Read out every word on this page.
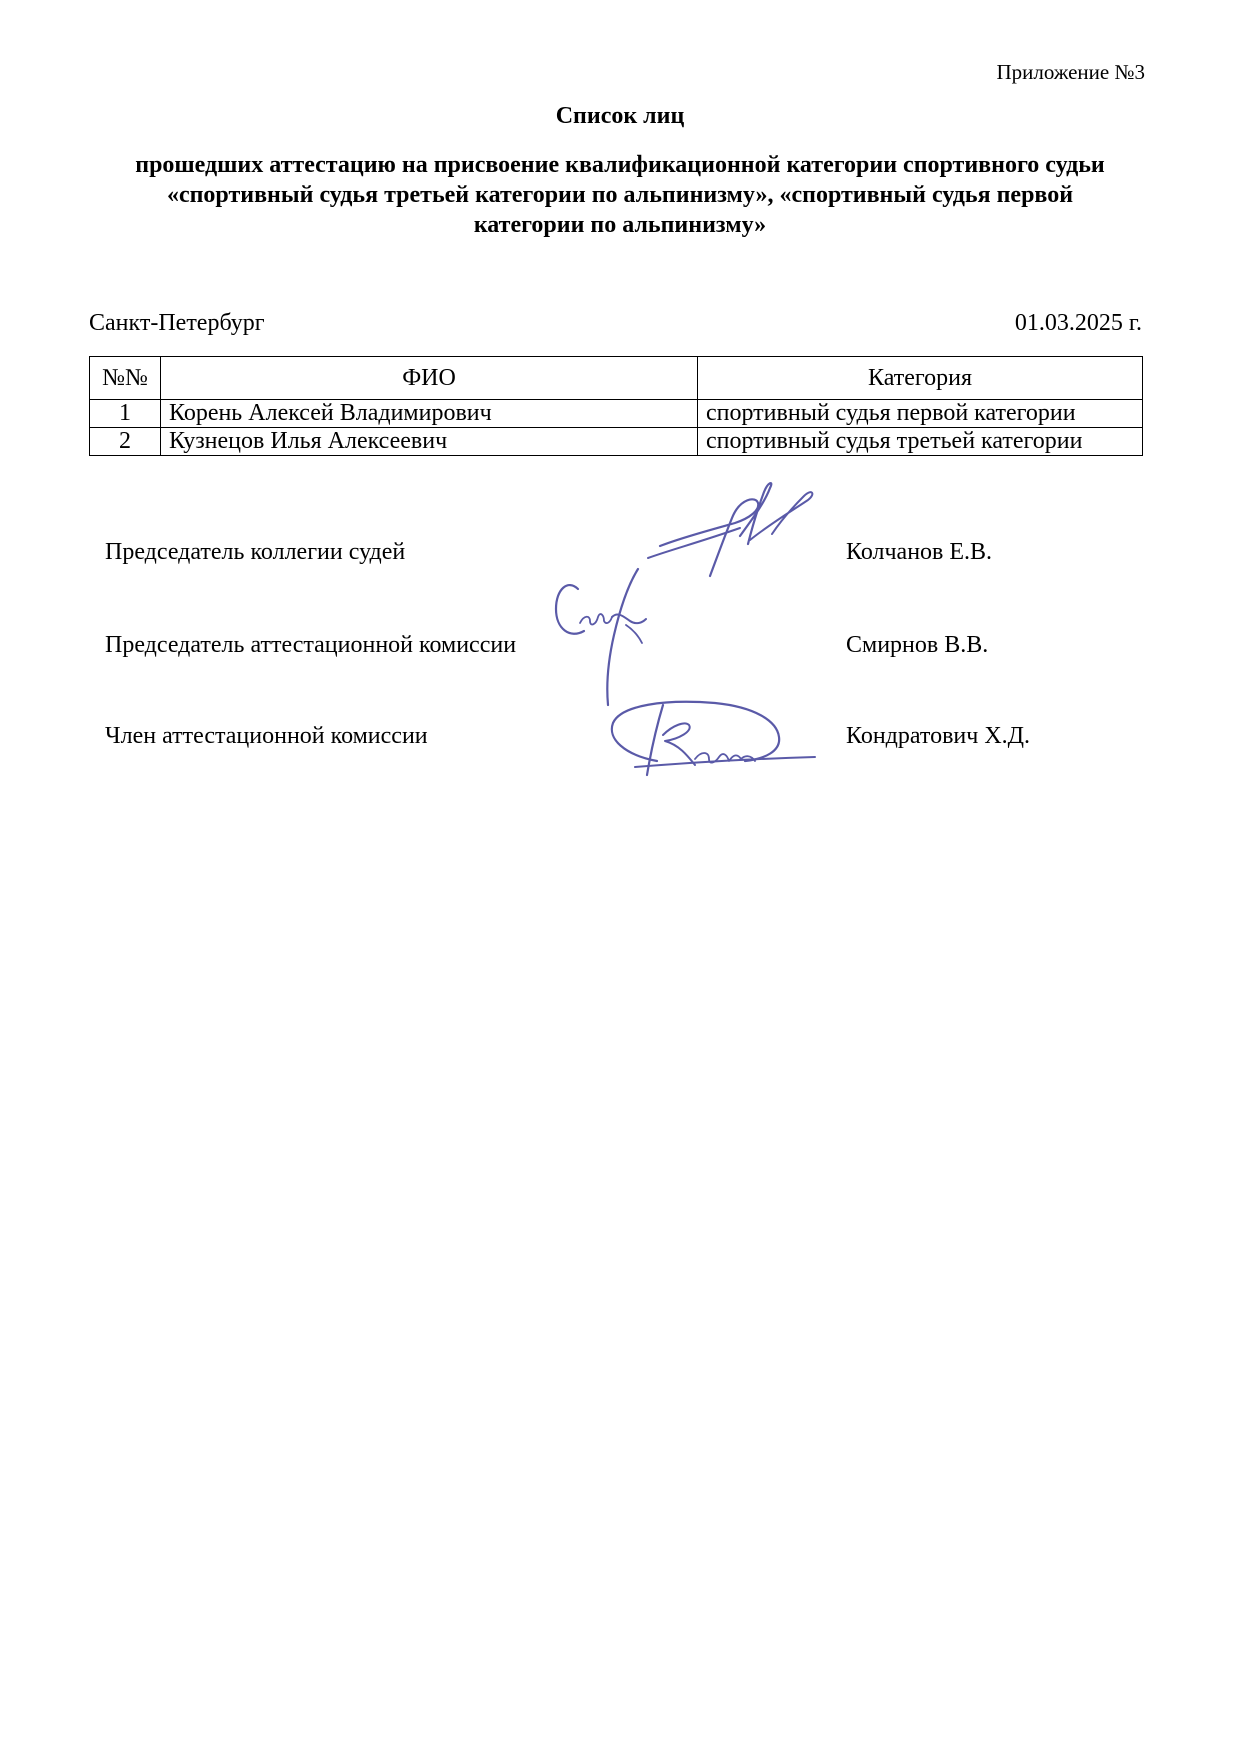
Приложение №3
Список лиц
прошедших аттестацию на присвоение квалификационной категории спортивного судьи
«спортивный судья третьей категории по альпинизму», «спортивный судья первой
категории по альпинизму»
Санкт-Петербург	01.03.2025 г.
№№	ФИО	Категория
1	Корень Алексей Владимирович	спортивный судья первой категории
2	Кузнецов Илья Алексеевич	спортивный судья третьей категории
Председатель коллегии судей	Колчанов Е.В.
Председатель аттестационной комиссии	Смирнов В.В.
Член аттестационной комиссии	Кондратович Х.Д.
